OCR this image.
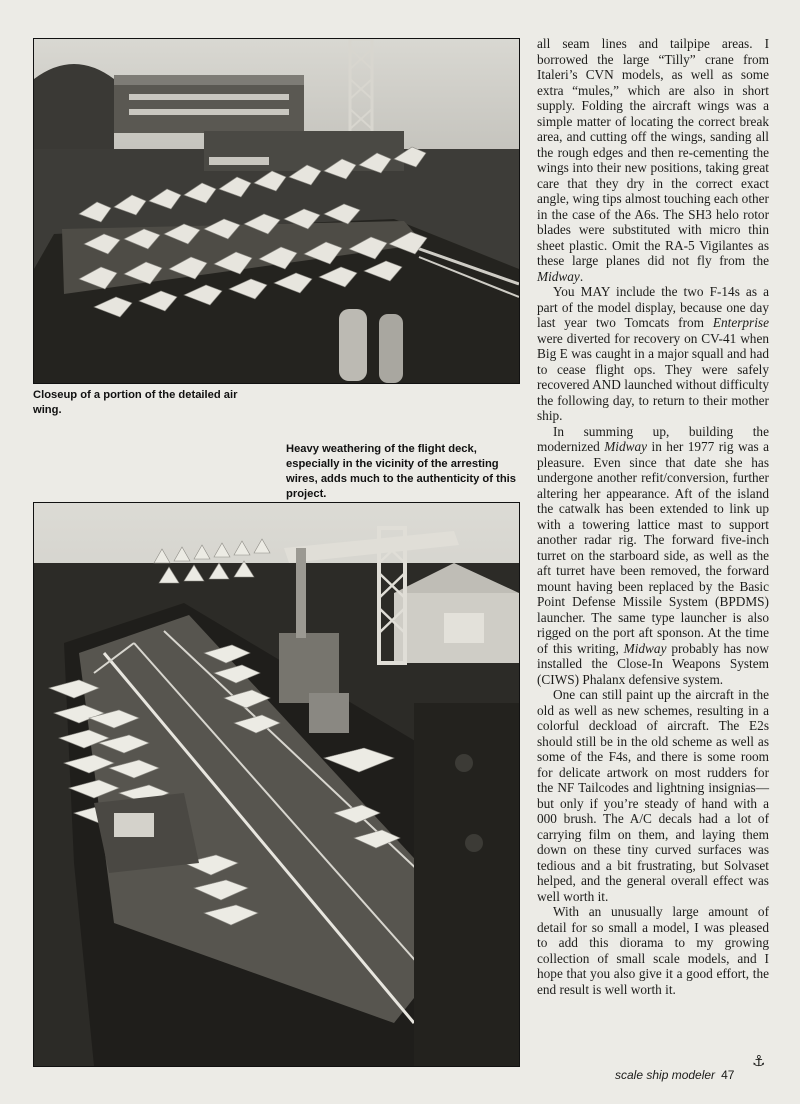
Closeup of a portion of the detailed air wing.
Heavy weathering of the flight deck, especially in the vicinity of the arresting wires, adds much to the authenticity of this project.

all seam lines and tailpipe areas. I borrowed the large “Tilly” crane from Italeri’s CVN models, as well as some extra “mules,” which are also in short supply. Folding the aircraft wings was a simple matter of locating the correct break area, and cutting off the wings, sanding all the rough edges and then re-cementing the wings into their new positions, taking great care that they dry in the correct exact angle, wing tips almost touching each other in the case of the A6s. The SH3 helo rotor blades were substituted with micro thin sheet plastic. Omit the RA-5 Vigilantes as these large planes did not fly from the Midway.

You MAY include the two F-14s as a part of the model display, because one day last year two Tomcats from Enterprise were diverted for recovery on CV-41 when Big E was caught in a major squall and had to cease flight ops. They were safely recovered AND launched without difficulty the following day, to return to their mother ship.

In summing up, building the modernized Midway in her 1977 rig was a pleasure. Even since that date she has undergone another refit/conversion, further altering her appearance. Aft of the island the catwalk has been extended to link up with a towering lattice mast to support another radar rig. The forward five-inch turret on the starboard side, as well as the aft turret have been removed, the forward mount having been replaced by the Basic Point Defense Missile System (BPDMS) launcher. The same type launcher is also rigged on the port aft sponson. At the time of this writing, Midway probably has now installed the Close-In Weapons System (CIWS) Phalanx defensive system.

One can still paint up the aircraft in the old as well as new schemes, resulting in a colorful deckload of aircraft. The E2s should still be in the old scheme as well as some of the F4s, and there is some room for delicate artwork on most rudders for the NF Tailcodes and lightning insignias—but only if you’re steady of hand with a 000 brush. The A/C decals had a lot of carrying film on them, and laying them down on these tiny curved surfaces was tedious and a bit frustrating, but Solvaset helped, and the general overall effect was well worth it.

With an unusually large amount of detail for so small a model, I was pleased to add this diorama to my growing collection of small scale models, and I hope that you also give it a good effort, the end result is well worth it.

⚓
scale ship modeler 47
